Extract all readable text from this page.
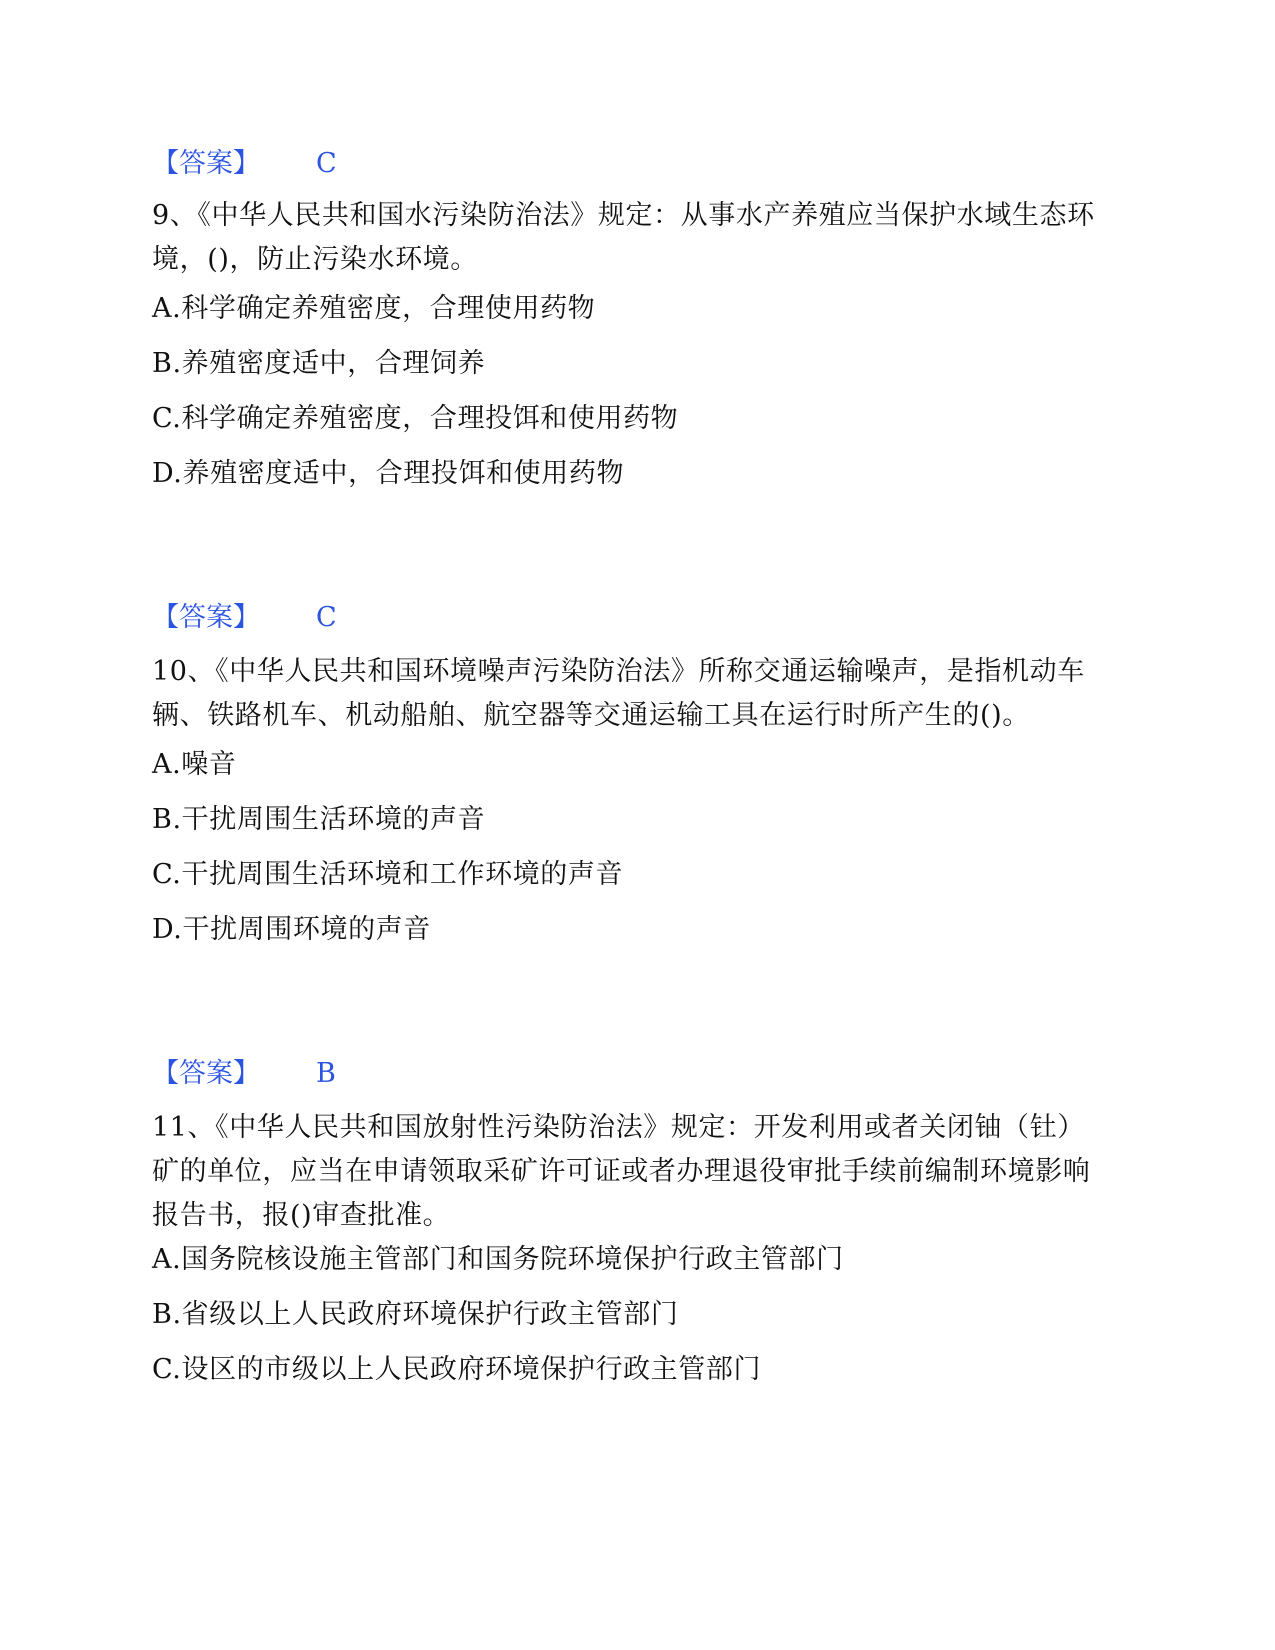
【答案】 C
9、《中华人民共和国水污染防治法》规定：从事水产养殖应当保护水域生态环境，()，防止污染水环境。
A.科学确定养殖密度，合理使用药物
B.养殖密度适中，合理饲养
C.科学确定养殖密度，合理投饵和使用药物
D.养殖密度适中，合理投饵和使用药物
【答案】 C
10、《中华人民共和国环境噪声污染防治法》所称交通运输噪声，是指机动车辆、铁路机车、机动船舶、航空器等交通运输工具在运行时所产生的()。
A.噪音
B.干扰周围生活环境的声音
C.干扰周围生活环境和工作环境的声音
D.干扰周围环境的声音
【答案】 B
11、《中华人民共和国放射性污染防治法》规定：开发利用或者关闭铀（钍）矿的单位，应当在申请领取采矿许可证或者办理退役审批手续前编制环境影响报告书，报()审查批准。
A.国务院核设施主管部门和国务院环境保护行政主管部门
B.省级以上人民政府环境保护行政主管部门
C.设区的市级以上人民政府环境保护行政主管部门
